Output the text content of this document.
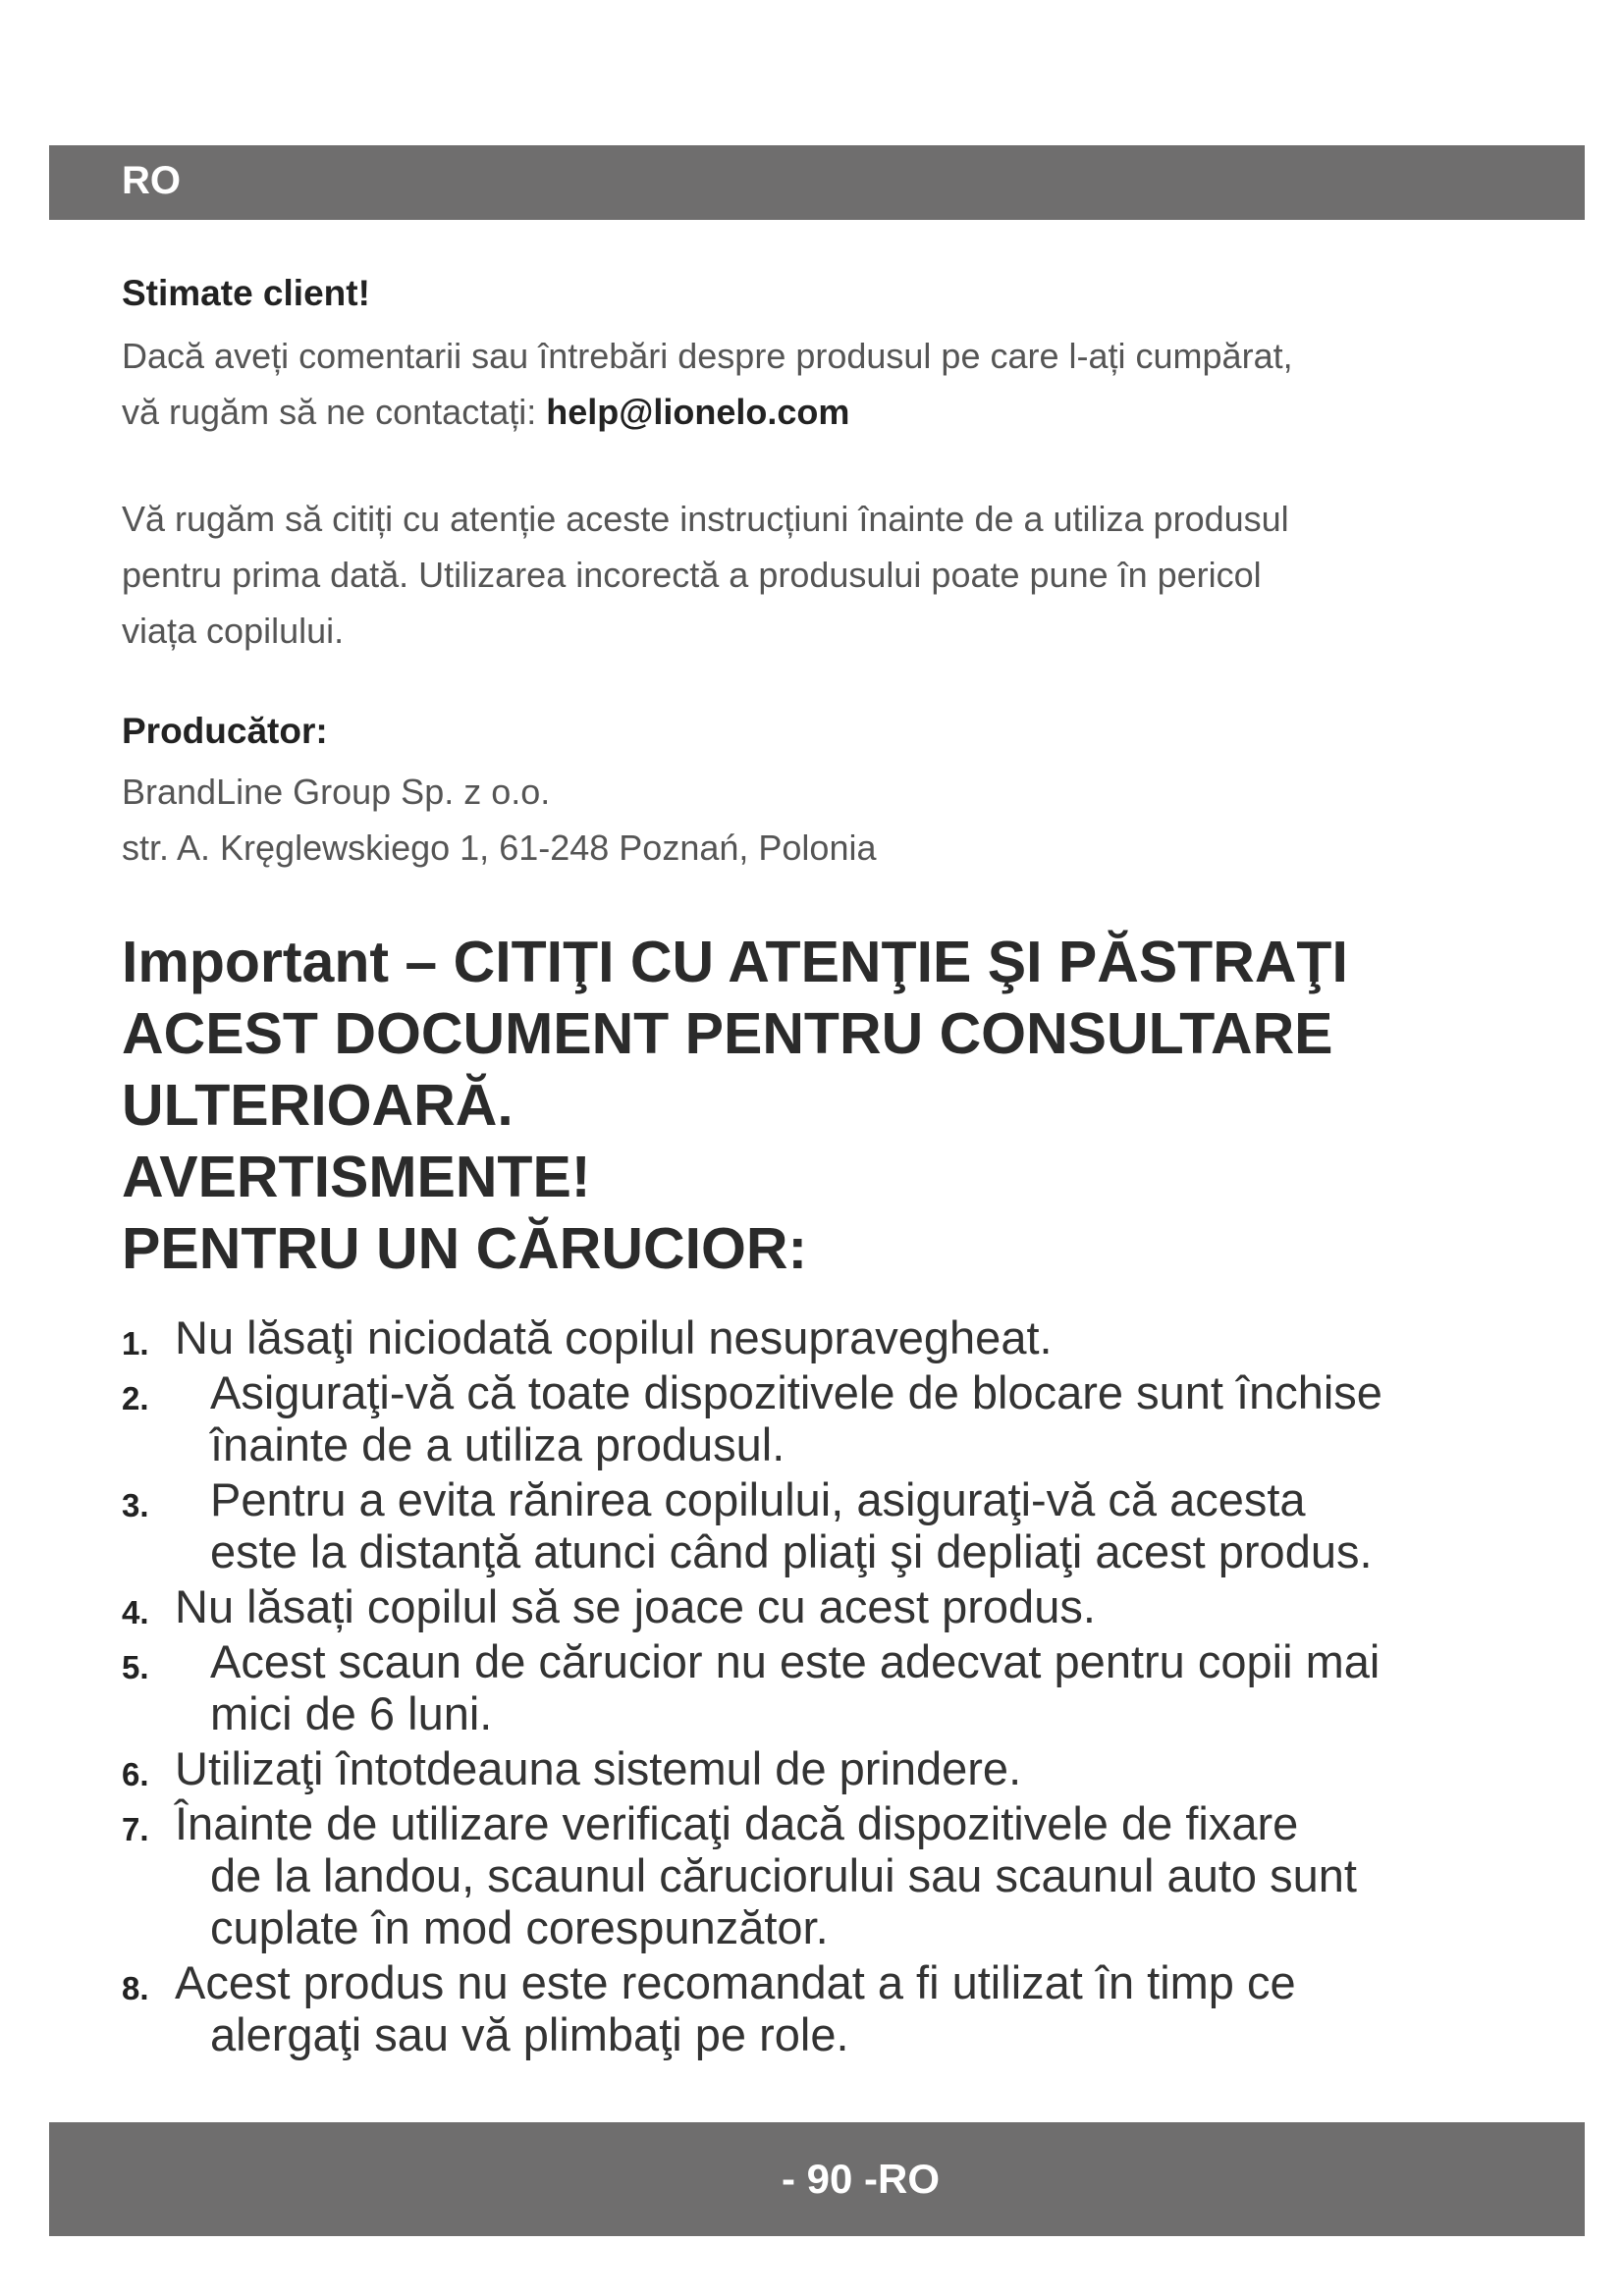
RO
Stimate client!
Dacă aveți comentarii sau întrebări despre produsul pe care l-ați cumpărat,
vă rugăm să ne contactați: help@lionelo.com
Vă rugăm să citiți cu atenție aceste instrucțiuni înainte de a utiliza produsul
pentru prima dată. Utilizarea incorectă a produsului poate pune în pericol
viața copilului.
Producător:
BrandLine Group Sp. z o.o.
str. A. Kręglewskiego 1, 61-248 Poznań, Polonia
Important – CITIŢI CU ATENŢIE ŞI PĂSTRAŢI
ACEST DOCUMENT PENTRU CONSULTARE
ULTERIOARĂ.
AVERTISMENTE!
PENTRU UN CĂRUCIOR:
1. Nu lăsaţi niciodată copilul nesupravegheat.
2. Asiguraţi-vă că toate dispozitivele de blocare sunt închise
înainte de a utiliza produsul.
3. Pentru a evita rănirea copilului, asiguraţi-vă că acesta
este la distanţă atunci când pliaţi şi depliaţi acest produs.
4. Nu lăsați copilul să se joace cu acest produs.
5. Acest scaun de cărucior nu este adecvat pentru copii mai
mici de 6 luni.
6. Utilizaţi întotdeauna sistemul de prindere.
7. Înainte de utilizare verificaţi dacă dispozitivele de fixare
de la landou, scaunul căruciorului sau scaunul auto sunt
cuplate în mod corespunzător.
8. Acest produs nu este recomandat a fi utilizat în timp ce
alergaţi sau vă plimbaţi pe role.
- 90 -RO
